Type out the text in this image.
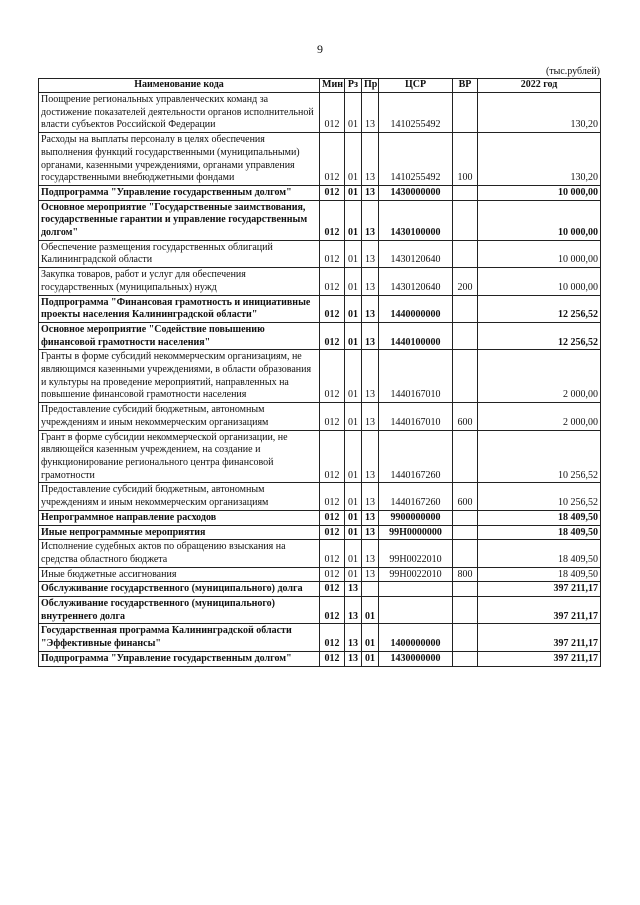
9
(тыс.рублей)
Наименование кода	Мин	Рз	Пр	ЦСР	ВР	2022 год
Поощрение региональных управленческих команд за достижение показателей деятельности органов исполнительной власти субъектов Российской Федерации	012	01	13	1410255492		130,20
Расходы на выплаты персоналу в целях обеспечения выполнения функций государственными (муниципальными) органами, казенными учреждениями, органами управления государственными внебюджетными фондами	012	01	13	1410255492	100	130,20
Подпрограмма "Управление государственным долгом"	012	01	13	1430000000		10 000,00
Основное мероприятие "Государственные заимствования, государственные гарантии и управление государственным долгом"	012	01	13	1430100000		10 000,00
Обеспечение размещения государственных облигаций Калининградской области	012	01	13	1430120640		10 000,00
Закупка товаров, работ и услуг для обеспечения государственных (муниципальных) нужд	012	01	13	1430120640	200	10 000,00
Подпрограмма "Финансовая грамотность и инициативные проекты населения Калининградской области"	012	01	13	1440000000		12 256,52
Основное мероприятие "Содействие повышению финансовой грамотности населения"	012	01	13	1440100000		12 256,52
Гранты в форме субсидий некоммерческим организациям, не являющимся казенными учреждениями, в области образования и культуры на проведение мероприятий, направленных на повышение финансовой грамотности населения	012	01	13	1440167010		2 000,00
Предоставление субсидий бюджетным, автономным учреждениям и иным некоммерческим организациям	012	01	13	1440167010	600	2 000,00
Грант в форме субсидии некоммерческой организации, не являющейся казенным учреждением, на создание и функционирование регионального центра финансовой грамотности	012	01	13	1440167260		10 256,52
Предоставление субсидий бюджетным, автономным учреждениям и иным некоммерческим организациям	012	01	13	1440167260	600	10 256,52
Непрограммное направление расходов	012	01	13	9900000000		18 409,50
Иные непрограммные мероприятия	012	01	13	99Н0000000		18 409,50
Исполнение судебных актов по обращению взыскания на средства областного бюджета	012	01	13	99Н0022010		18 409,50
Иные бюджетные ассигнования	012	01	13	99Н0022010	800	18 409,50
Обслуживание государственного (муниципального) долга	012	13				397 211,17
Обслуживание государственного (муниципального) внутреннего долга	012	13	01			397 211,17
Государственная программа Калининградской области "Эффективные финансы"	012	13	01	1400000000		397 211,17
Подпрограмма "Управление государственным долгом"	012	13	01	1430000000		397 211,17
